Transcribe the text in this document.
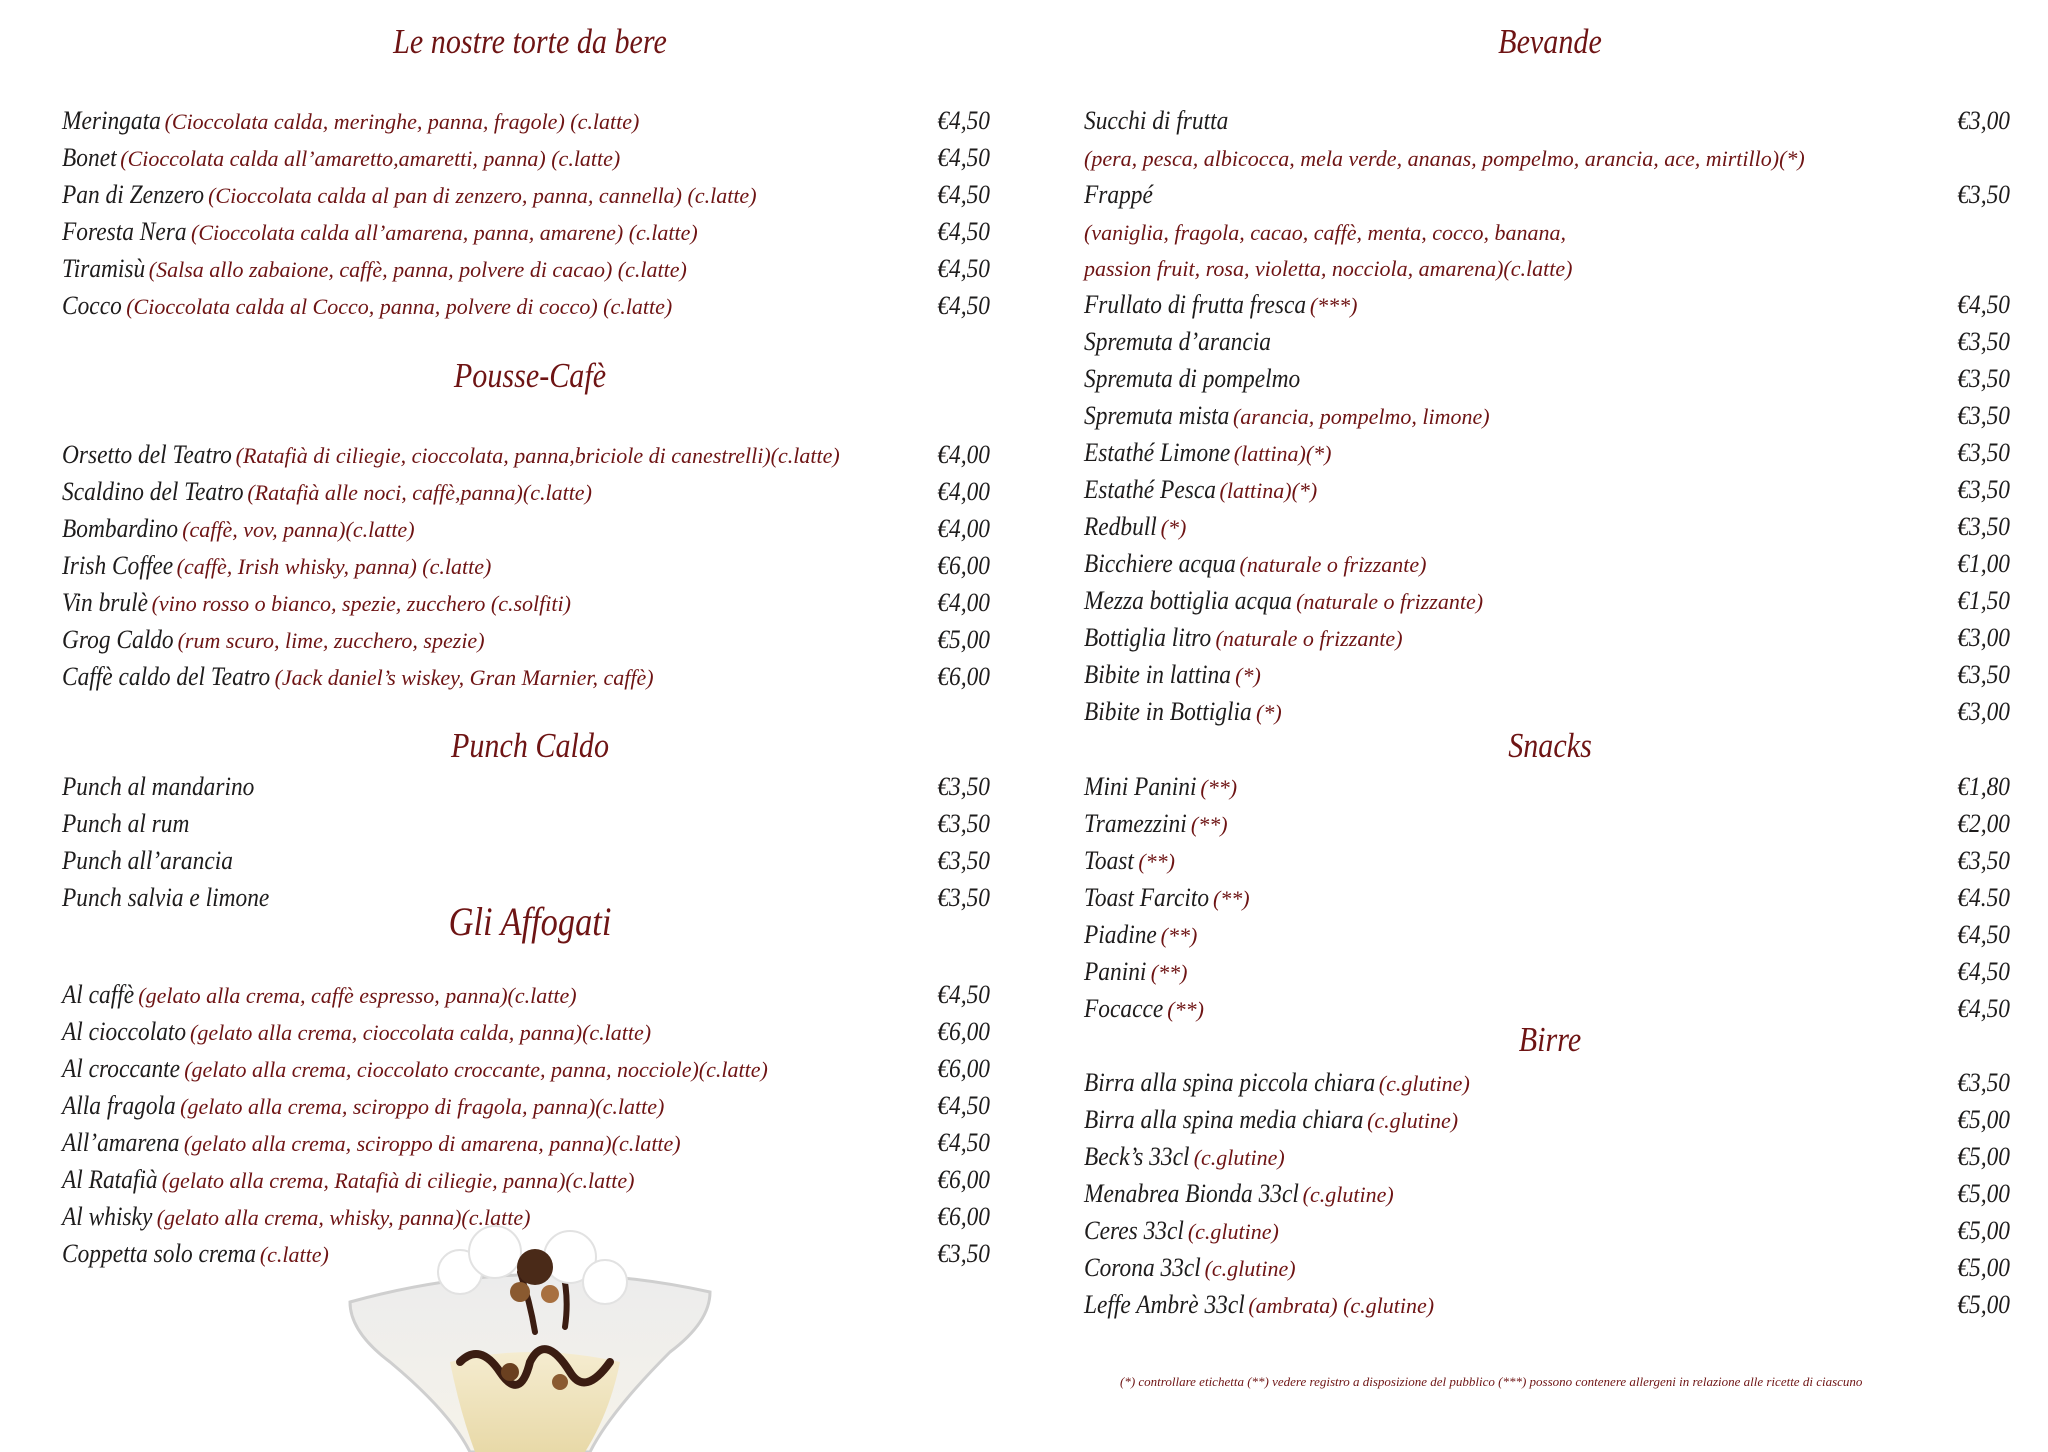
Le nostre torte da bere
Pousse-Cafè
Punch Caldo
Gli Affogati
Bevande
Succhi di frutta	€3,00
(pera, pesca, albicocca, mela verde, ananas, pompelmo, arancia, ace, mirtillo)(*)
Frappé	€3,50
(vaniglia, fragola, cacao, caffè, menta, cocco, banana,
passion fruit, rosa, violetta, nocciola, amarena)(c.latte)
Snacks
Birre
(*) controllare etichetta (**) vedere registro a disposizione del pubblico (***) possono contenere allergeni in relazione alle ricette di ciascuno
Meringata (Cioccolata calda, meringhe, panna, fragole) (c.latte)	€4,50
Bonet (Cioccolata calda all’amaretto,amaretti, panna) (c.latte)	€4,50
Pan di Zenzero (Cioccolata calda al pan di zenzero, panna, cannella) (c.latte)	€4,50
Foresta Nera (Cioccolata calda all’amarena, panna, amarene) (c.latte)	€4,50
Tiramisù (Salsa allo zabaione, caffè, panna, polvere di cacao) (c.latte)	€4,50
Cocco (Cioccolata calda al Cocco, panna, polvere di cocco) (c.latte)	€4,50
Orsetto del Teatro (Ratafià di ciliegie, cioccolata, panna,briciole di canestrelli)(c.latte)	€4,00
Scaldino del Teatro (Ratafià alle noci, caffè,panna)(c.latte)	€4,00
Bombardino (caffè, vov, panna)(c.latte)	€4,00
Irish Coffee (caffè, Irish whisky, panna) (c.latte)	€6,00
Vin brulè (vino rosso o bianco, spezie, zucchero (c.solfiti)	€4,00
Grog Caldo (rum scuro, lime, zucchero, spezie)	€5,00
Caffè caldo del Teatro (Jack daniel’s wiskey, Gran Marnier, caffè)	€6,00
Punch al mandarino	€3,50
Punch al rum	€3,50
Punch all’arancia	€3,50
Punch salvia e limone	€3,50
Al caffè (gelato alla crema, caffè espresso, panna)(c.latte)	€4,50
Al cioccolato (gelato alla crema, cioccolata calda, panna)(c.latte)	€6,00
Al croccante (gelato alla crema, cioccolato croccante, panna, nocciole)(c.latte)	€6,00
Alla fragola (gelato alla crema, sciroppo di fragola, panna)(c.latte)	€4,50
All’amarena (gelato alla crema, sciroppo di amarena, panna)(c.latte)	€4,50
Al Ratafià (gelato alla crema, Ratafià di ciliegie, panna)(c.latte)	€6,00
Al whisky (gelato alla crema, whisky, panna)(c.latte)	€6,00
Coppetta solo crema (c.latte)	€3,50
Frullato di frutta fresca (***)	€4,50
Spremuta d’arancia	€3,50
Spremuta di pompelmo	€3,50
Spremuta mista (arancia, pompelmo, limone)	€3,50
Estathé Limone (lattina)(*)	€3,50
Estathé Pesca (lattina)(*)	€3,50
Redbull (*)	€3,50
Bicchiere acqua (naturale o frizzante)	€1,00
Mezza bottiglia acqua (naturale o frizzante)	€1,50
Bottiglia litro (naturale o frizzante)	€3,00
Bibite in lattina (*)	€3,50
Bibite in Bottiglia (*)	€3,00
Mini Panini (**)	€1,80
Tramezzini (**)	€2,00
Toast (**)	€3,50
Toast Farcito (**)	€4.50
Piadine (**)	€4,50
Panini (**)	€4,50
Focacce (**)	€4,50
Birra alla spina piccola chiara (c.glutine)	€3,50
Birra alla spina media chiara (c.glutine)	€5,00
Beck’s 33cl (c.glutine)	€5,00
Menabrea Bionda 33cl (c.glutine)	€5,00
Ceres 33cl (c.glutine)	€5,00
Corona 33cl (c.glutine)	€5,00
Leffe Ambrè 33cl (ambrata) (c.glutine)	€5,00
